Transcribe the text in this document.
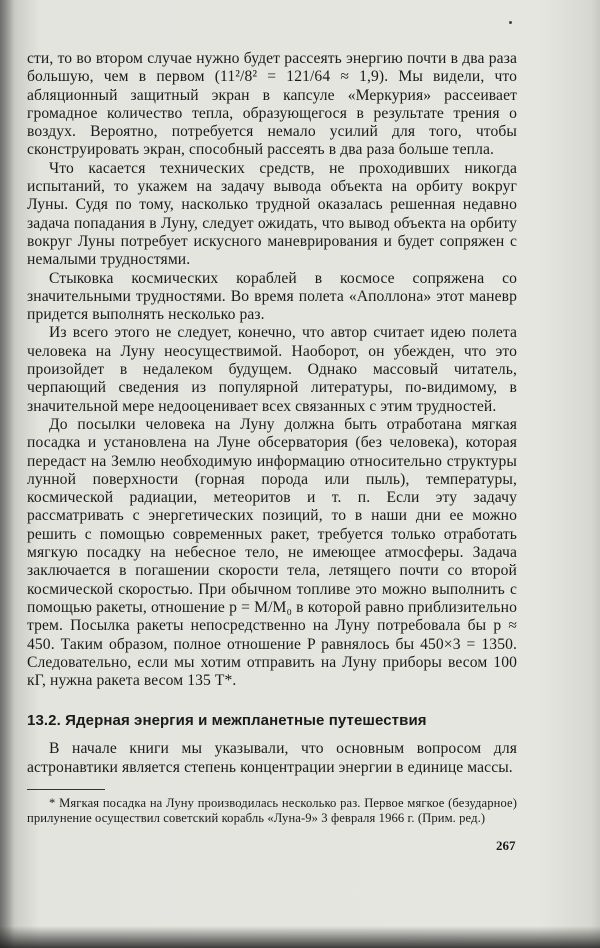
сти, то во втором случае нужно будет рассеять энергию почти в два раза большую, чем в первом (11²/8² = 121/64 ≈ 1,9). Мы видели, что абляционный защитный экран в капсуле «Меркурия» рассеивает громадное количество тепла, образующегося в результате трения о воздух. Вероятно, потребуется немало усилий для того, чтобы сконструировать экран, способный рассеять в два раза больше тепла.

Что касается технических средств, не проходивших никогда испытаний, то укажем на задачу вывода объекта на орбиту вокруг Луны. Судя по тому, насколько трудной оказалась решенная недавно задача попадания в Луну, следует ожидать, что вывод объекта на орбиту вокруг Луны потребует искусного маневрирования и будет сопряжен с немалыми трудностями.

Стыковка космических кораблей в космосе сопряжена со значительными трудностями. Во время полета «Аполлона» этот маневр придется выполнять несколько раз.

Из всего этого не следует, конечно, что автор считает идею полета человека на Луну неосуществимой. Наоборот, он убежден, что это произойдет в недалеком будущем. Однако массовый читатель, черпающий сведения из популярной литературы, по-видимому, в значительной мере недооценивает всех связанных с этим трудностей.

До посылки человека на Луну должна быть отработана мягкая посадка и установлена на Луне обсерватория (без человека), которая передаст на Землю необходимую информацию относительно структуры лунной поверхности (горная порода или пыль), температуры, космической радиации, метеоритов и т. п. Если эту задачу рассматривать с энергетических позиций, то в наши дни ее можно решить с помощью современных ракет, требуется только отработать мягкую посадку на небесное тело, не имеющее атмосферы. Задача заключается в погашении скорости тела, летящего почти со второй космической скоростью. При обычном топливе это можно выполнить с помощью ракеты, отношение p = M/M₀ в которой равно приблизительно трем. Посылка ракеты непосредственно на Луну потребовала бы p ≈ 450. Таким образом, полное отношение P равнялось бы 450×3 = 1350. Следовательно, если мы хотим отправить на Луну приборы весом 100 кГ, нужна ракета весом 135 Т*.

13.2. Ядерная энергия и межпланетные путешествия

В начале книги мы указывали, что основным вопросом для астронавтики является степень концентрации энергии в единице массы.

* Мягкая посадка на Луну производилась несколько раз. Первое мягкое (безударное) прилунение осуществил советский корабль «Луна-9» 3 февраля 1966 г. (Прим. ред.)

267
